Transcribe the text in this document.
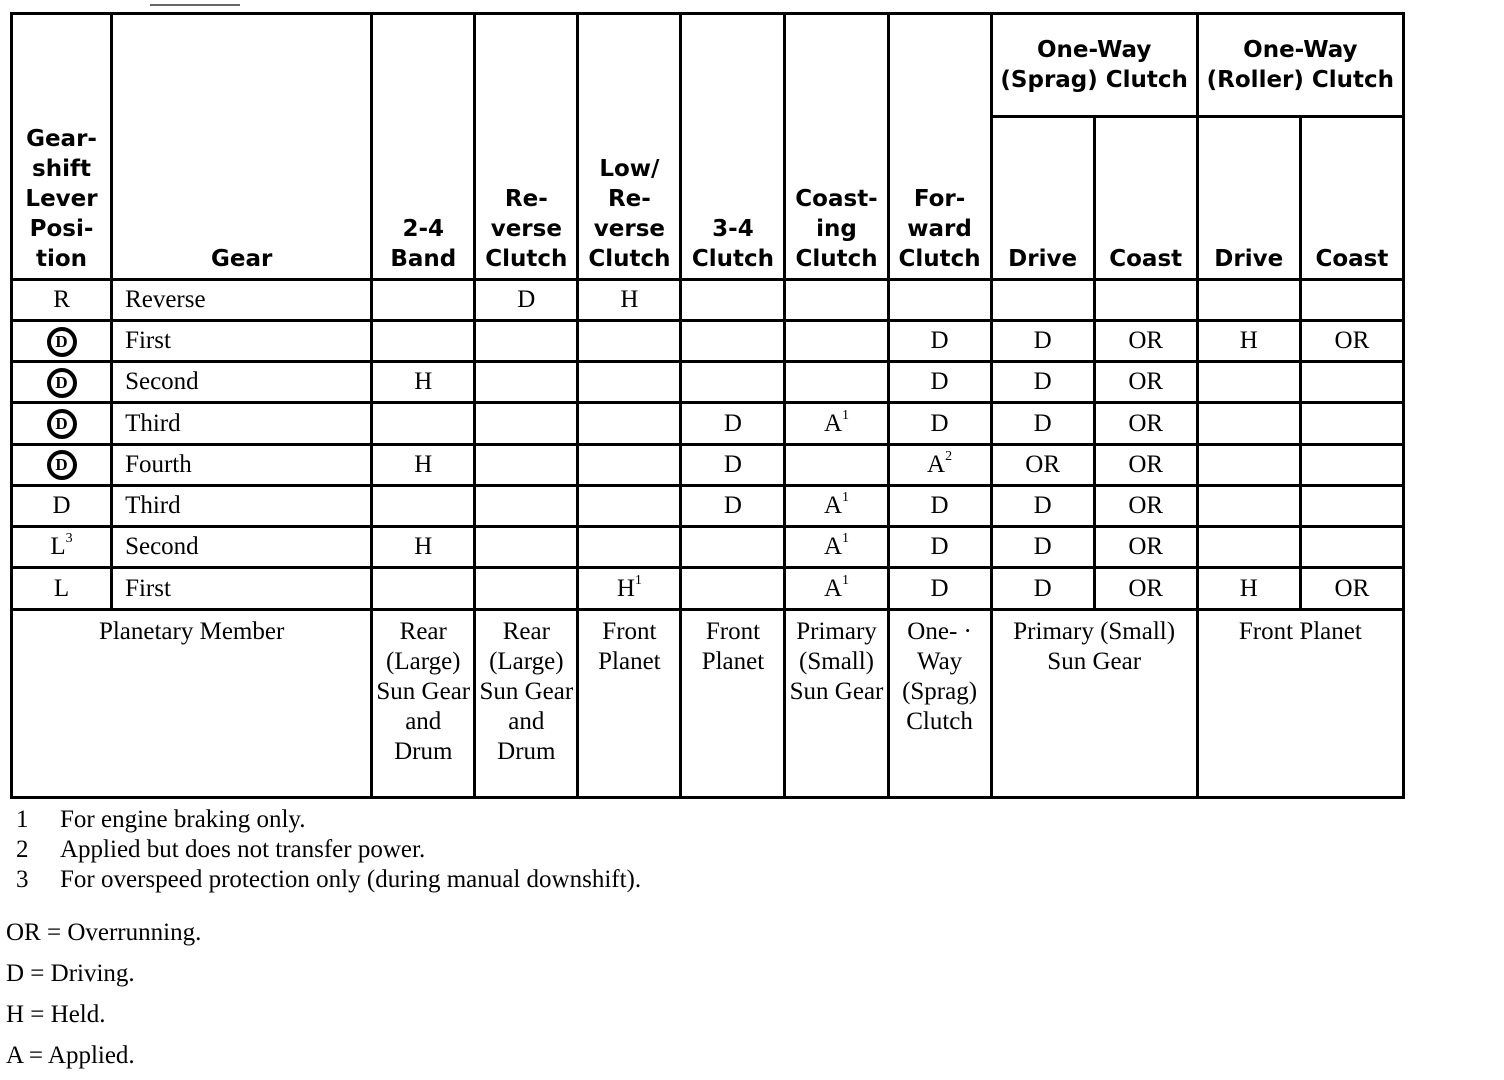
Gear-shift Lever Posi-tion	Gear	2-4 Band	Re-verse Clutch	Low/ Re-verse Clutch	3-4 Clutch	Coast-ing Clutch	For-ward Clutch	One-Way (Sprag) Clutch		One-Way (Roller) Clutch	
								Drive	Coast	Drive	Coast
R	Reverse		D	H							
D	First						D	D	OR	H	OR
D	Second	H					D	D	OR		
D	Third				D	$A^1$	D	D	OR		
D	Fourth	H			D		$A^2$	OR	OR		
D	Third				D	$A^1$	D	D	OR		
$L^3$	Second	H				$A^1$	D	D	OR		
L	First			$H^1$		$A^1$	D	D	OR	H	OR
Planetary Member		Rear (Large) Sun Gear and Drum	Rear (Large) Sun Gear and Drum	Front Planet	Front Planet	Primary (Small) Sun Gear	One- · Way (Sprag) Clutch	Primary (Small) Sun Gear		Front Planet	
1 For engine braking only.
2 Applied but does not transfer power.
3 For overspeed protection only (during manual downshift).
OR = Overrunning.
D = Driving.
H = Held.
A = Applied.
